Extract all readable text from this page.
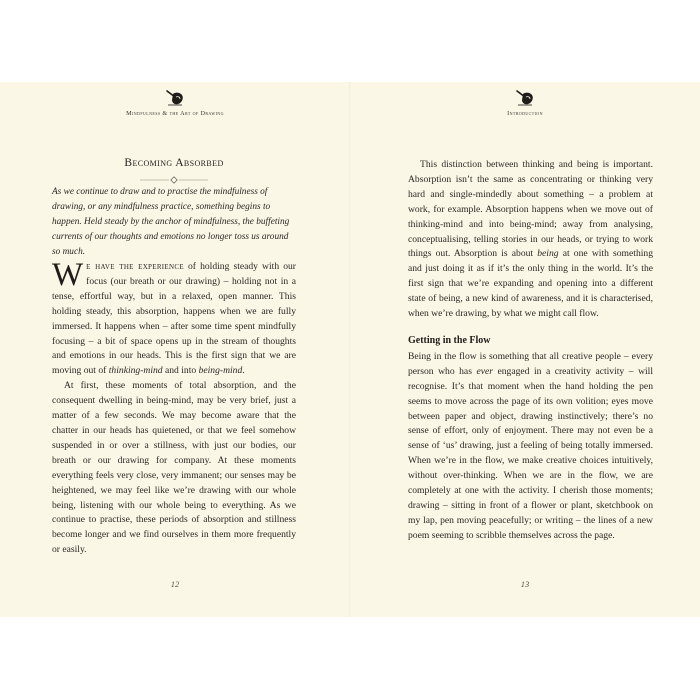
Mindfulness & the Art of Drawing
Becoming Absorbed
As we continue to draw and to practise the mindfulness of drawing, or any mindfulness practice, something begins to happen. Held steady by the anchor of mindfulness, the buffeting currents of our thoughts and emotions no longer toss us around so much.

We have the experience of holding steady with our focus (our breath or our drawing) – holding not in a tense, effortful way, but in a relaxed, open manner. This holding steady, this absorption, happens when we are fully immersed. It happens when – after some time spent mindfully focusing – a bit of space opens up in the stream of thoughts and emotions in our heads. This is the first sign that we are moving out of thinking-mind and into being-mind.

At first, these moments of total absorption, and the consequent dwelling in being-mind, may be very brief, just a matter of a few seconds. We may become aware that the chatter in our heads has quietened, or that we feel somehow suspended in or over a stillness, with just our bodies, our breath or our drawing for company. At these moments everything feels very close, very immanent; our senses may be heightened, we may feel like we’re drawing with our whole being, listening with our whole being to everything. As we continue to practise, these periods of absorption and stillness become longer and we find ourselves in them more frequently or easily.

12
Introduction

This distinction between thinking and being is important. Absorption isn’t the same as concentrating or thinking very hard and single-mindedly about something – a problem at work, for example. Absorption happens when we move out of thinking-mind and into being-mind; away from analysing, conceptualising, telling stories in our heads, or trying to work things out. Absorption is about being at one with something and just doing it as if it’s the only thing in the world. It’s the first sign that we’re expanding and opening into a different state of being, a new kind of awareness, and it is characterised, when we’re drawing, by what we might call flow.

Getting in the Flow

Being in the flow is something that all creative people – every person who has ever engaged in a creativity activity – will recognise. It’s that moment when the hand holding the pen seems to move across the page of its own volition; eyes move between paper and object, drawing instinctively; there’s no sense of effort, only of enjoyment. There may not even be a sense of ‘us’ drawing, just a feeling of being totally immersed. When we’re in the flow, we make creative choices intuitively, without over-thinking. When we are in the flow, we are completely at one with the activity. I cherish those moments; drawing – sitting in front of a flower or plant, sketchbook on my lap, pen moving peacefully; or writing – the lines of a new poem seeming to scribble themselves across the page.

13
